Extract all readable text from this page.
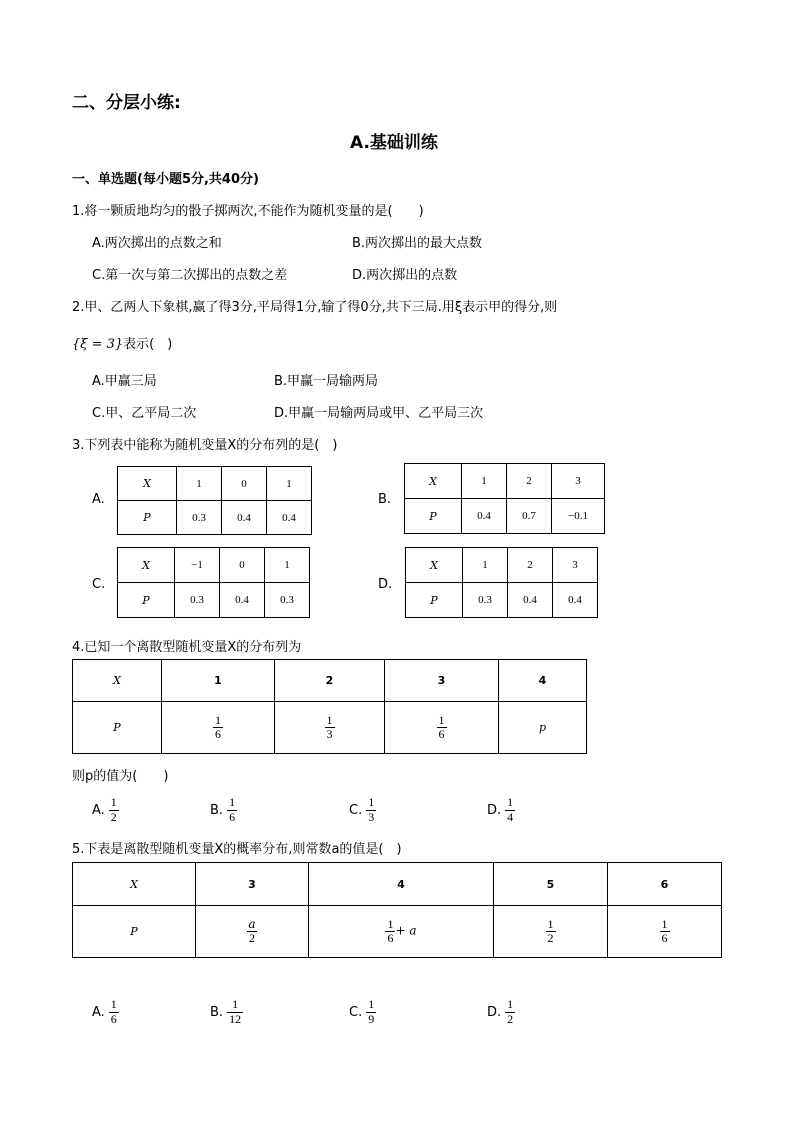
二、分层小练:
A.基础训练
一、单选题(每小题5分,共40分)
1.将一颗质地均匀的骰子掷两次,不能作为随机变量的是(　　)
A.两次掷出的点数之和	B.两次掷出的最大点数
C.第一次与第二次掷出的点数之差	D.两次掷出的点数
2.甲、乙两人下象棋,赢了得3分,平局得1分,输了得0分,共下三局.用ξ表示甲的得分,则
{ξ = 3}表示(　)
A.甲赢三局	B.甲赢一局输两局
C.甲、乙平局二次	D.甲赢一局输两局或甲、乙平局三次
3.下列表中能称为随机变量X的分布列的是(　)
A.
X	1	0	1
P	0.3	0.4	0.4
B.
X	1	2	3
P	0.4	0.7	−0.1
C.
X	−1	0	1
P	0.3	0.4	0.3
D.
X	1	2	3
P	0.3	0.4	0.4
4.已知一个离散型随机变量X的分布列为
X	1	2	3	4
P	$\frac{1}{6}$	$\frac{1}{3}$	$\frac{1}{6}$	p
则p的值为(　　)
A. $\frac{1}{2}$	B. $\frac{1}{6}$	C. $\frac{1}{3}$	D. $\frac{1}{4}$
5.下表是离散型随机变量X的概率分布,则常数a的值是(　)
X	3	4	5	6
P	$\frac{a}{2}$	$\frac{1}{6} + a$	$\frac{1}{2}$	$\frac{1}{6}$
A. $\frac{1}{6}$	B. $\frac{1}{12}$	C. $\frac{1}{9}$	D. $\frac{1}{2}$
